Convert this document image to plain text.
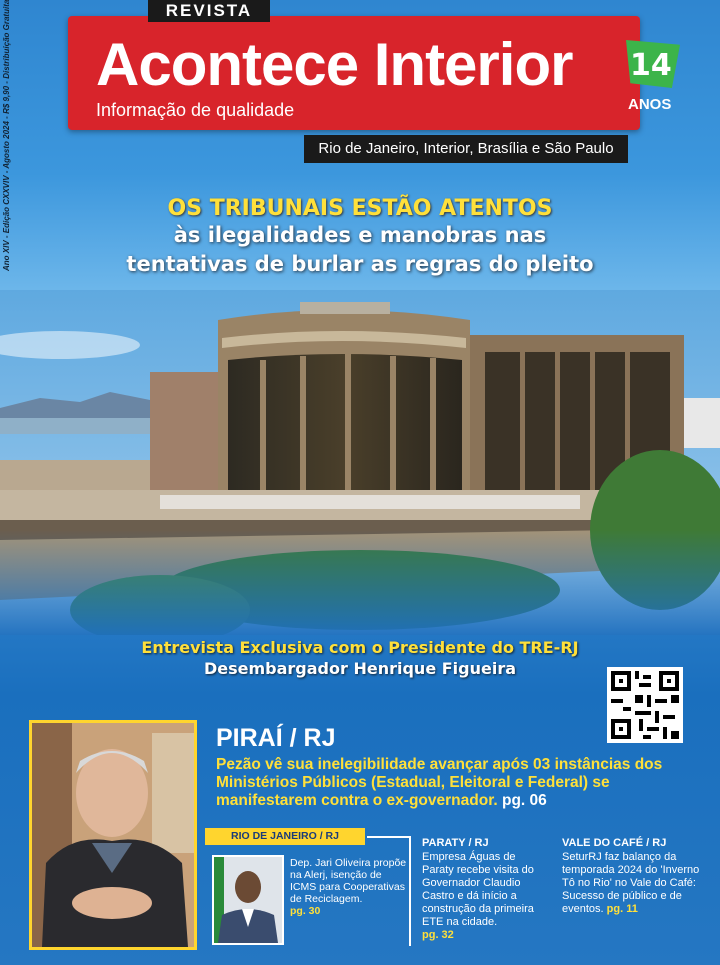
Ano XIV - Edição CXXVIV - Agosto 2024 - R$ 9,90 - Distribuição Gratuita Acontece Interior
Informação de qualidade
REVISTA
14
ANOS
Rio de Janeiro, Interior, Brasília e São Paulo
OS TRIBUNAIS ESTÃO ATENTOS
às ilegalidades e manobras nas
tentativas de burlar as regras do pleito
Entrevista Exclusiva com o Presidente do TRE-RJ
Desembargador Henrique Figueira
PIRAÍ / RJ
Pezão vê sua inelegibilidade avançar após 03 instâncias dos Ministérios Públicos (Estadual, Eleitoral e Federal) se manifestarem contra o ex-governador. pg. 06
RIO DE JANEIRO / RJ
Dep. Jari Oliveira propõe na Alerj, isenção de ICMS para Cooperativas de Reciclagem.
pg. 30
PARATY / RJ
Empresa Águas de Paraty recebe visita do Governador Claudio Castro e dá início a construção da primeira ETE na cidade.
pg. 32
VALE DO CAFÉ / RJ
SeturRJ faz balanço da temporada 2024 do 'Inverno Tô no Rio' no Vale do Café: Sucesso de público e de eventos. pg. 11
